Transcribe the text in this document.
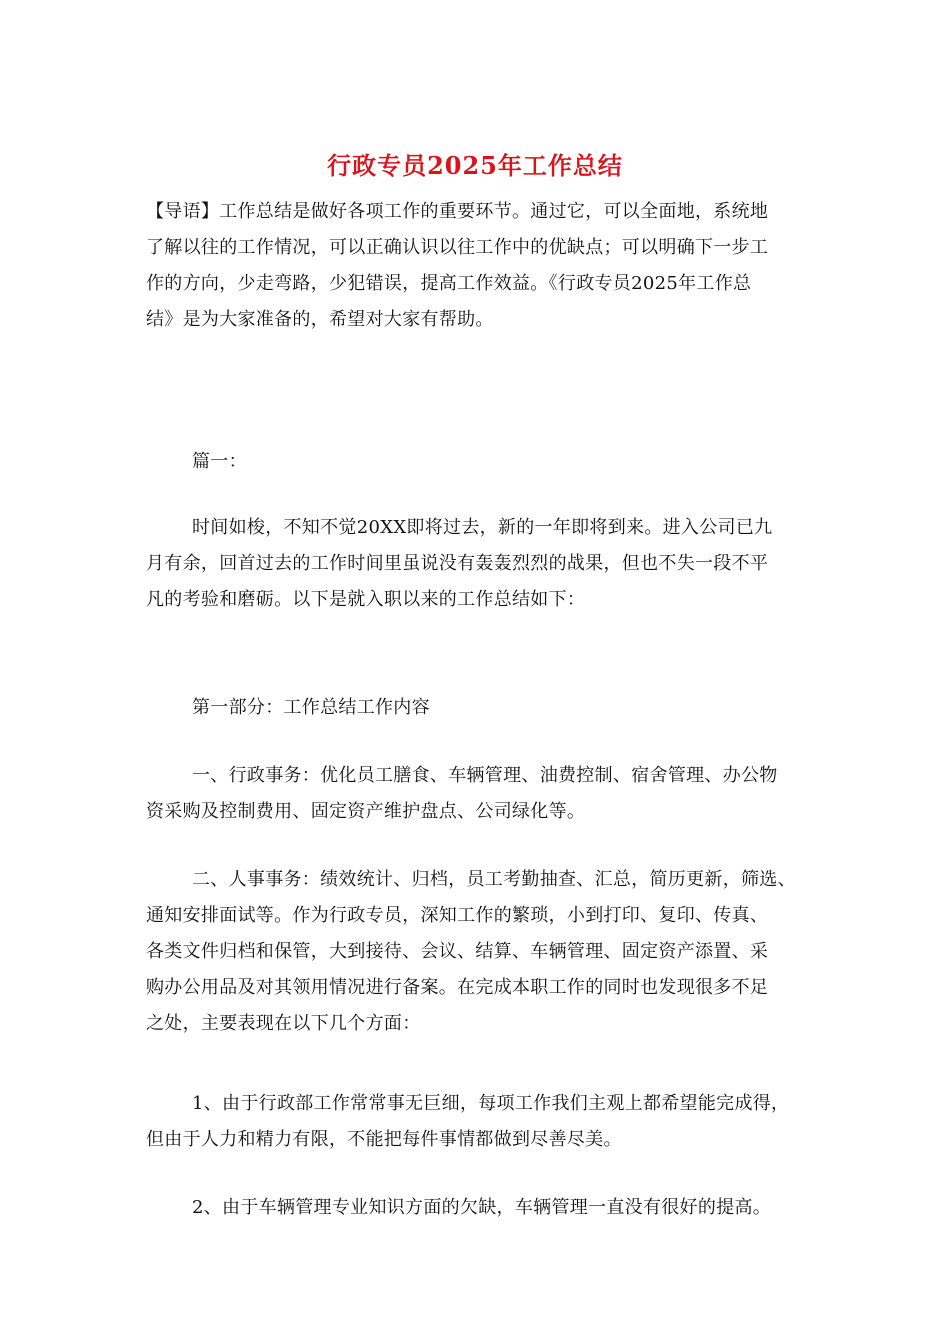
行政专员2025年工作总结
【导语】工作总结是做好各项工作的重要环节。通过它，可以全面地，系统地
了解以往的工作情况，可以正确认识以往工作中的优缺点；可以明确下一步工
作的方向，少走弯路，少犯错误，提高工作效益。《行政专员2025年工作总
结》是为大家准备的，希望对大家有帮助。
篇一：
时间如梭，不知不觉20XX即将过去，新的一年即将到来。进入公司已九
月有余，回首过去的工作时间里虽说没有轰轰烈烈的战果，但也不失一段不平
凡的考验和磨砺。以下是就入职以来的工作总结如下：
第一部分：工作总结工作内容
一、行政事务：优化员工膳食、车辆管理、油费控制、宿舍管理、办公物
资采购及控制费用、固定资产维护盘点、公司绿化等。
二、人事事务：绩效统计、归档，员工考勤抽查、汇总，简历更新，筛选、
通知安排面试等。作为行政专员，深知工作的繁琐，小到打印、复印、传真、
各类文件归档和保管，大到接待、会议、结算、车辆管理、固定资产添置、采
购办公用品及对其领用情况进行备案。在完成本职工作的同时也发现很多不足
之处，主要表现在以下几个方面：
1、由于行政部工作常常事无巨细，每项工作我们主观上都希望能完成得，
但由于人力和精力有限，不能把每件事情都做到尽善尽美。
2、由于车辆管理专业知识方面的欠缺，车辆管理一直没有很好的提高。
